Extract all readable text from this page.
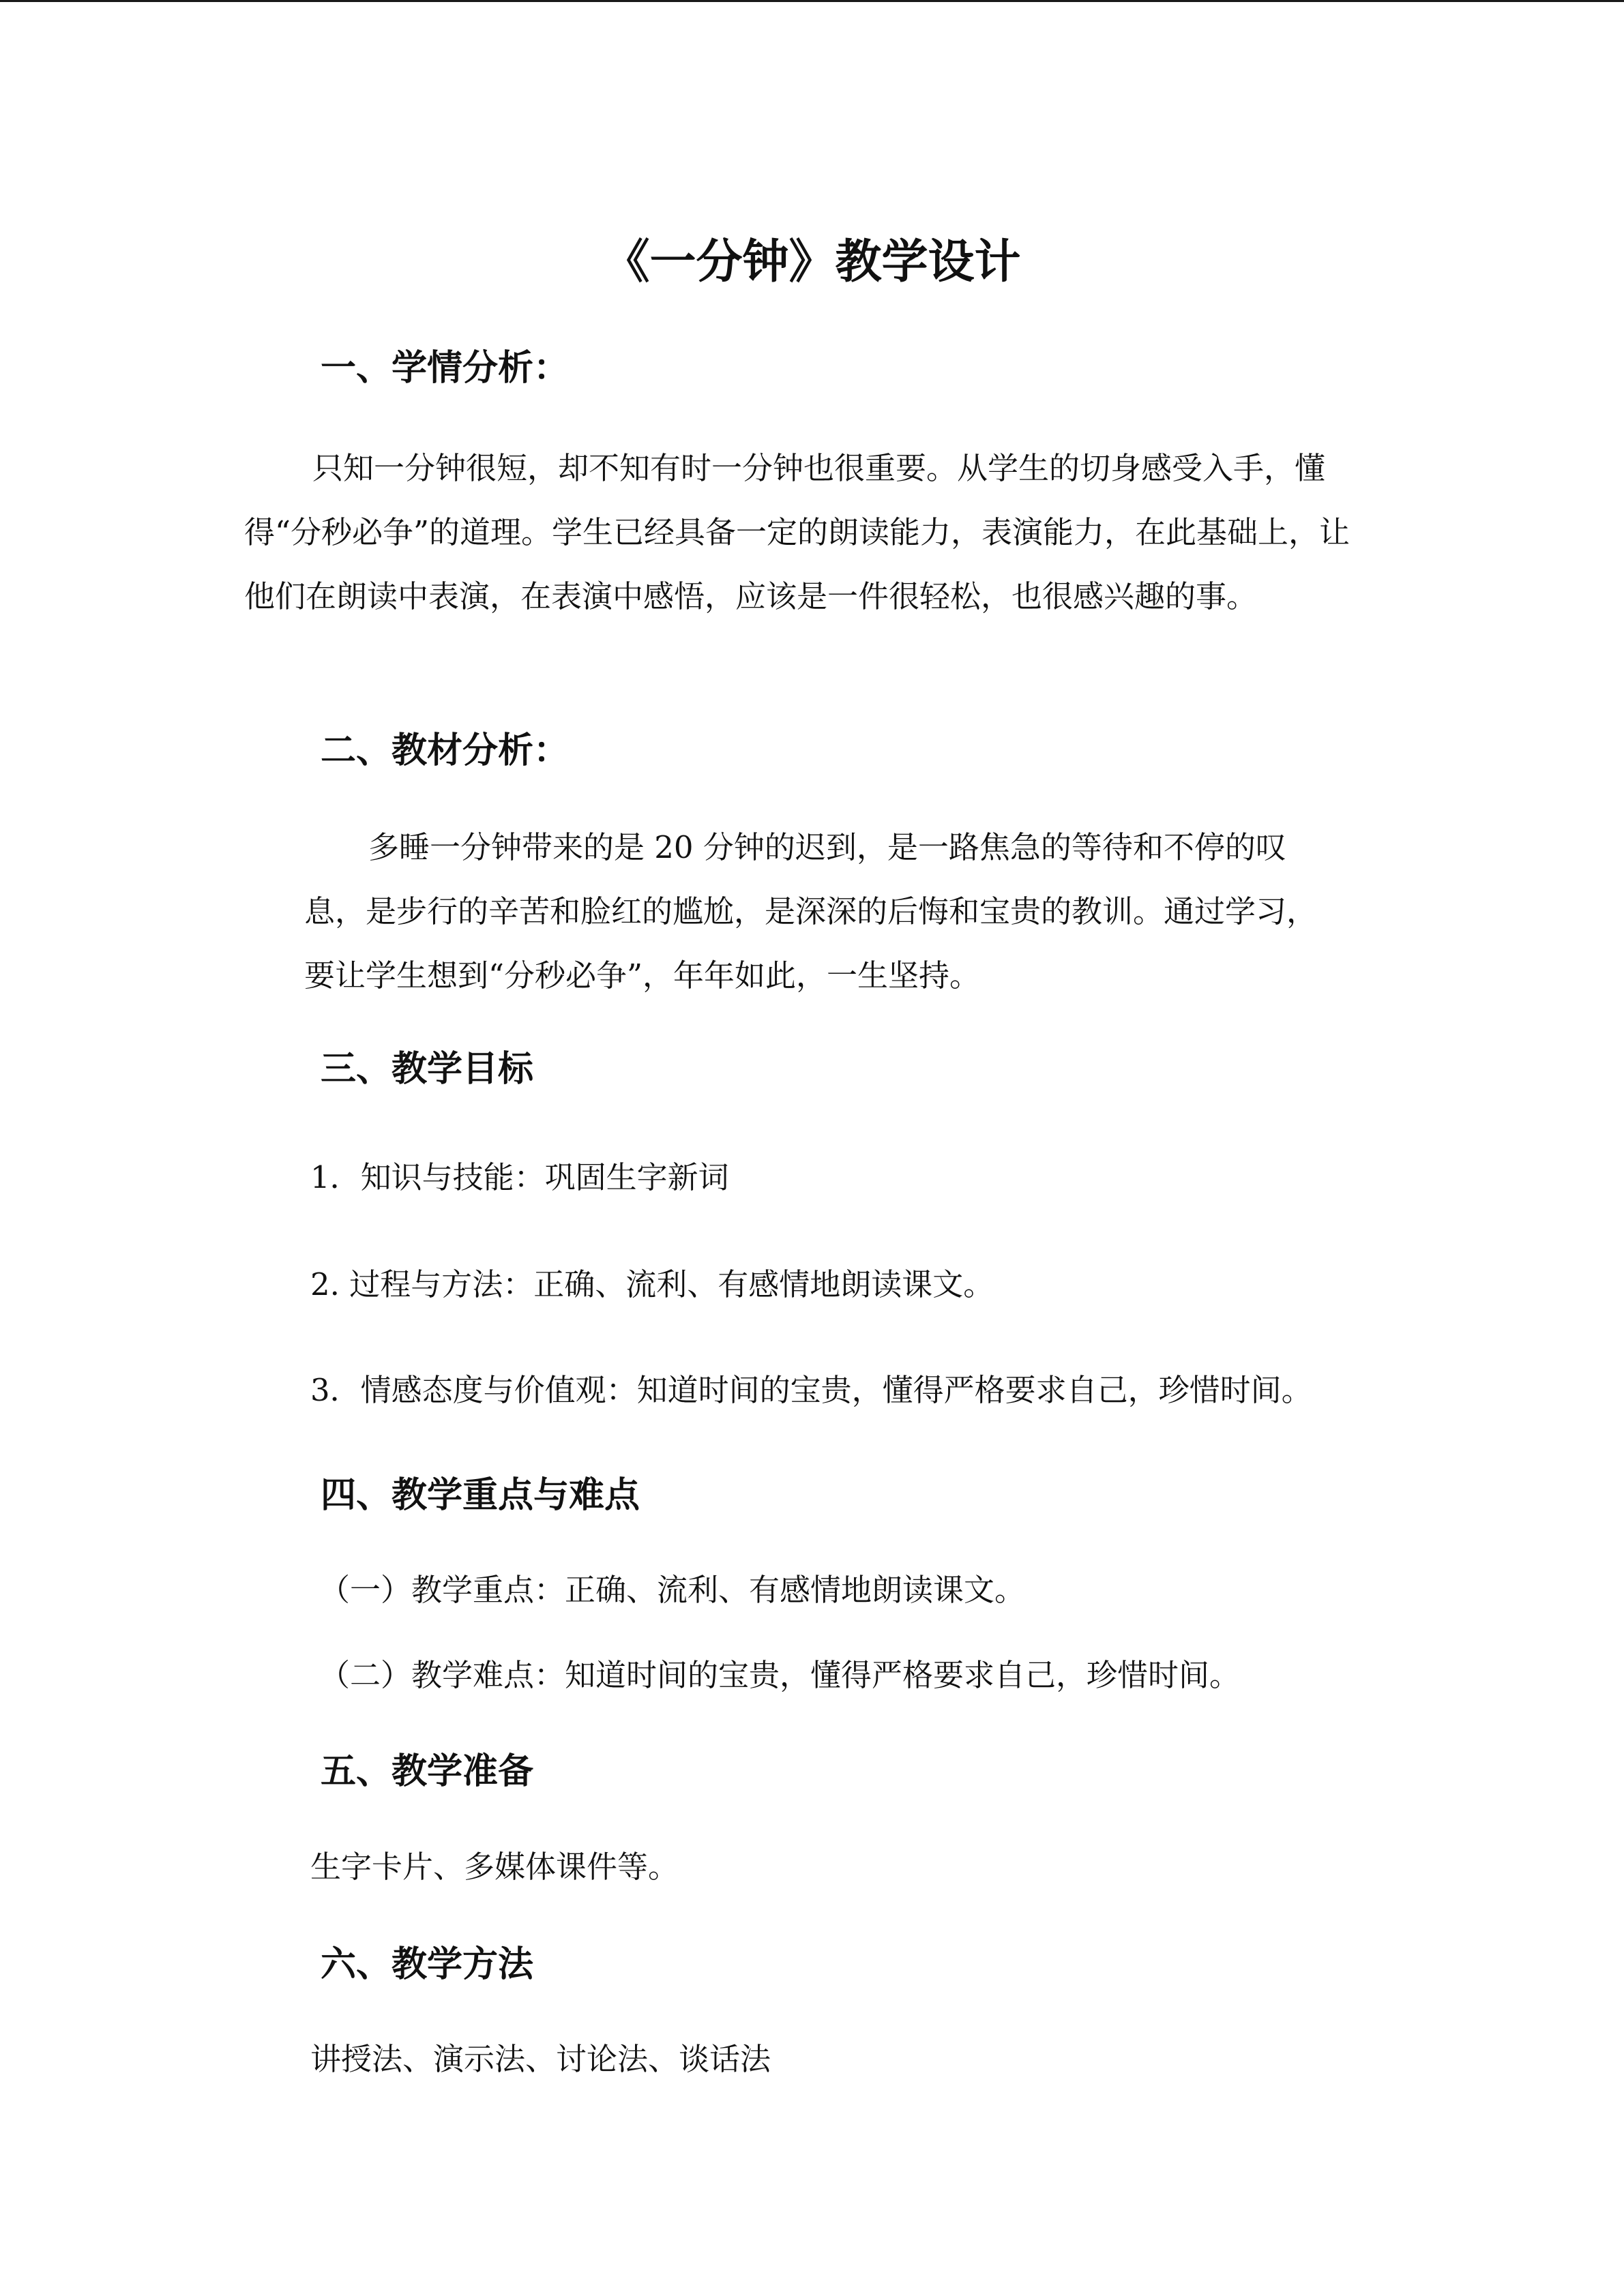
《一分钟》教学设计
一、学情分析：
只知一分钟很短，却不知有时一分钟也很重要。从学生的切身感受入手，懂得“分秒必争”的道理。学生已经具备一定的朗读能力，表演能力，在此基础上，让他们在朗读中表演，在表演中感悟，应该是一件很轻松，也很感兴趣的事。
二、教材分析：
多睡一分钟带来的是 20 分钟的迟到，是一路焦急的等待和不停的叹息，是步行的辛苦和脸红的尴尬，是深深的后悔和宝贵的教训。通过学习，要让学生想到“分秒必争”，年年如此，一生坚持。
三、教学目标
1．知识与技能：巩固生字新词
2. 过程与方法：正确、流利、有感情地朗读课文。
3．情感态度与价值观：知道时间的宝贵，懂得严格要求自己，珍惜时间。
四、教学重点与难点
（一）教学重点：正确、流利、有感情地朗读课文。
（二）教学难点：知道时间的宝贵，懂得严格要求自己，珍惜时间。
五、教学准备
生字卡片、多媒体课件等。
六、教学方法
讲授法、演示法、讨论法、谈话法
